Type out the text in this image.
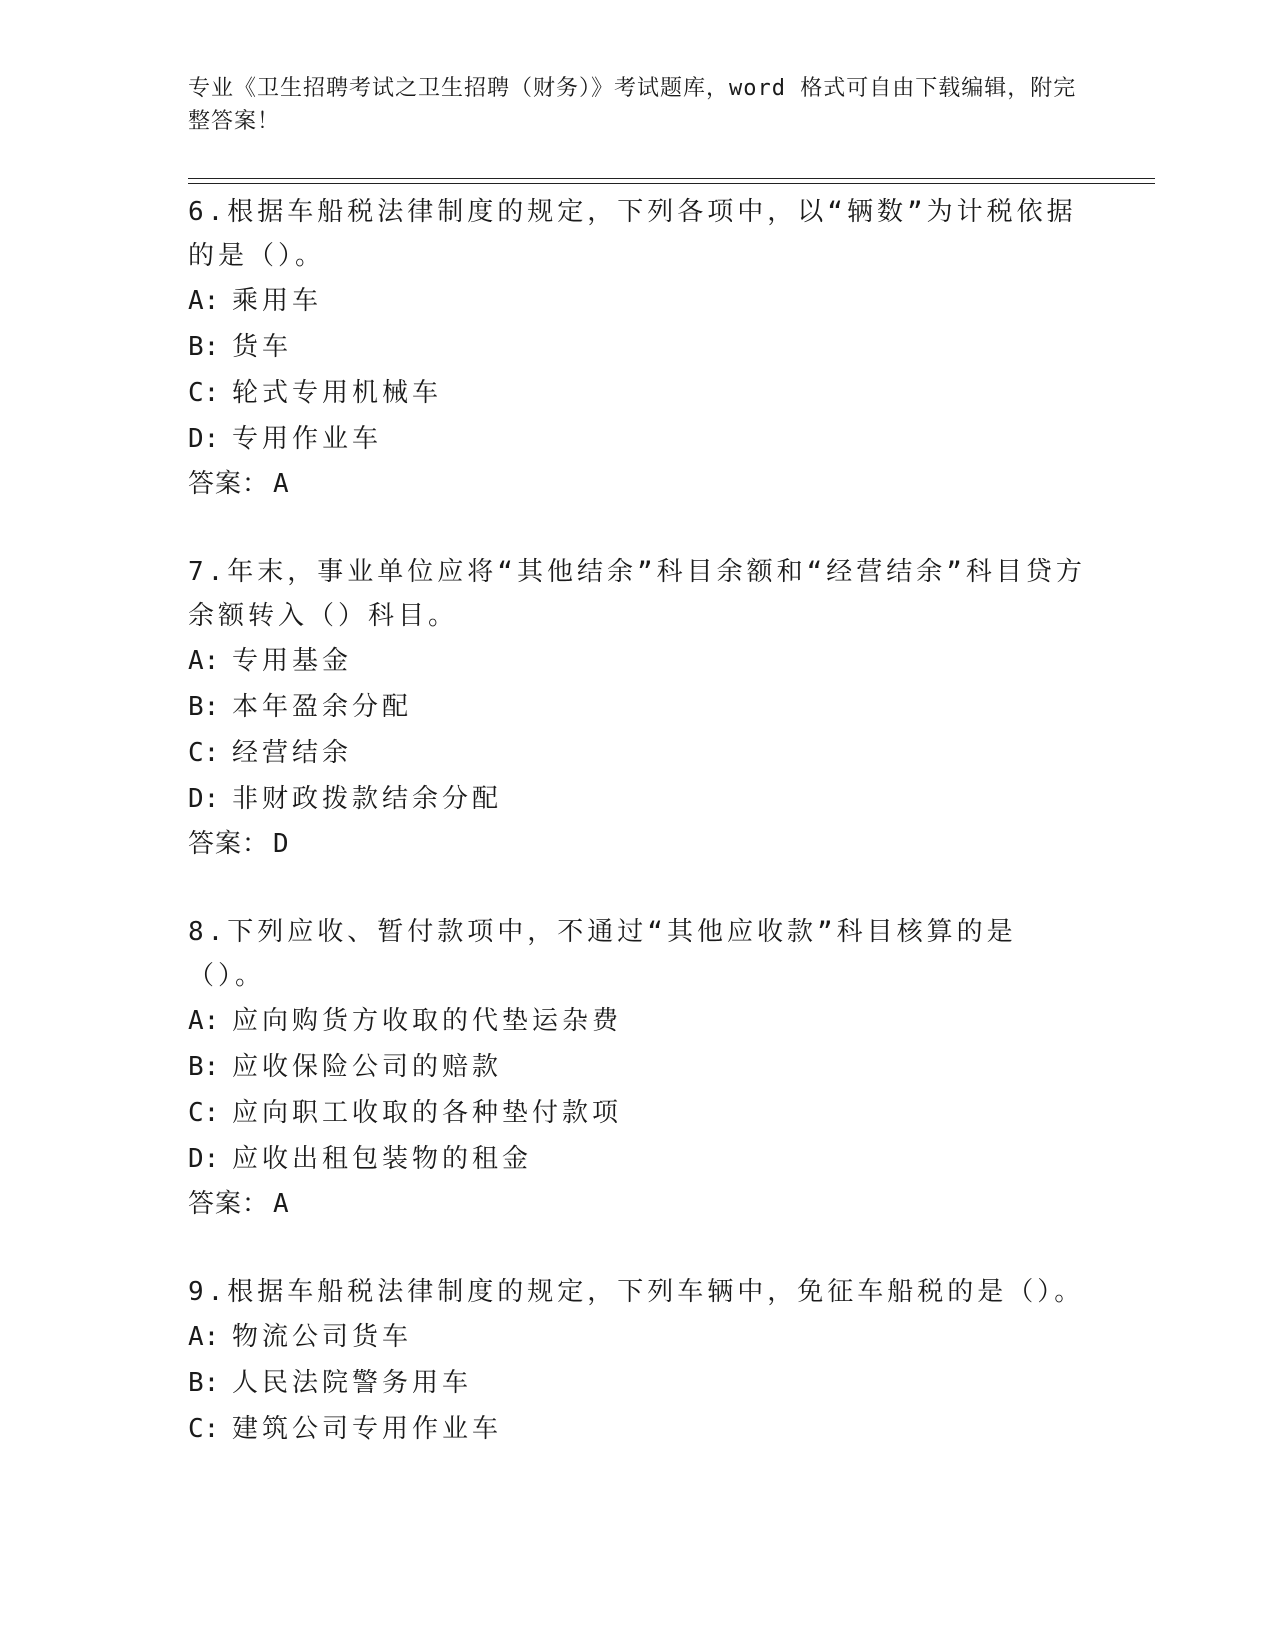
专业《卫生招聘考试之卫生招聘（财务）》考试题库，word 格式可自由下载编辑，附完整答案！
6.根据车船税法律制度的规定，下列各项中，以“辆数”为计税依据的是（）。
A: 乘用车
B: 货车
C: 轮式专用机械车
D: 专用作业车
答案： A
7.年末，事业单位应将“其他结余”科目余额和“经营结余”科目贷方余额转入（）科目。
A: 专用基金
B: 本年盈余分配
C: 经营结余
D: 非财政拨款结余分配
答案： D
8.下列应收、暂付款项中，不通过“其他应收款”科目核算的是（）。
A: 应向购货方收取的代垫运杂费
B: 应收保险公司的赔款
C: 应向职工收取的各种垫付款项
D: 应收出租包装物的租金
答案： A
9.根据车船税法律制度的规定，下列车辆中，免征车船税的是（）。
A: 物流公司货车
B: 人民法院警务用车
C: 建筑公司专用作业车
